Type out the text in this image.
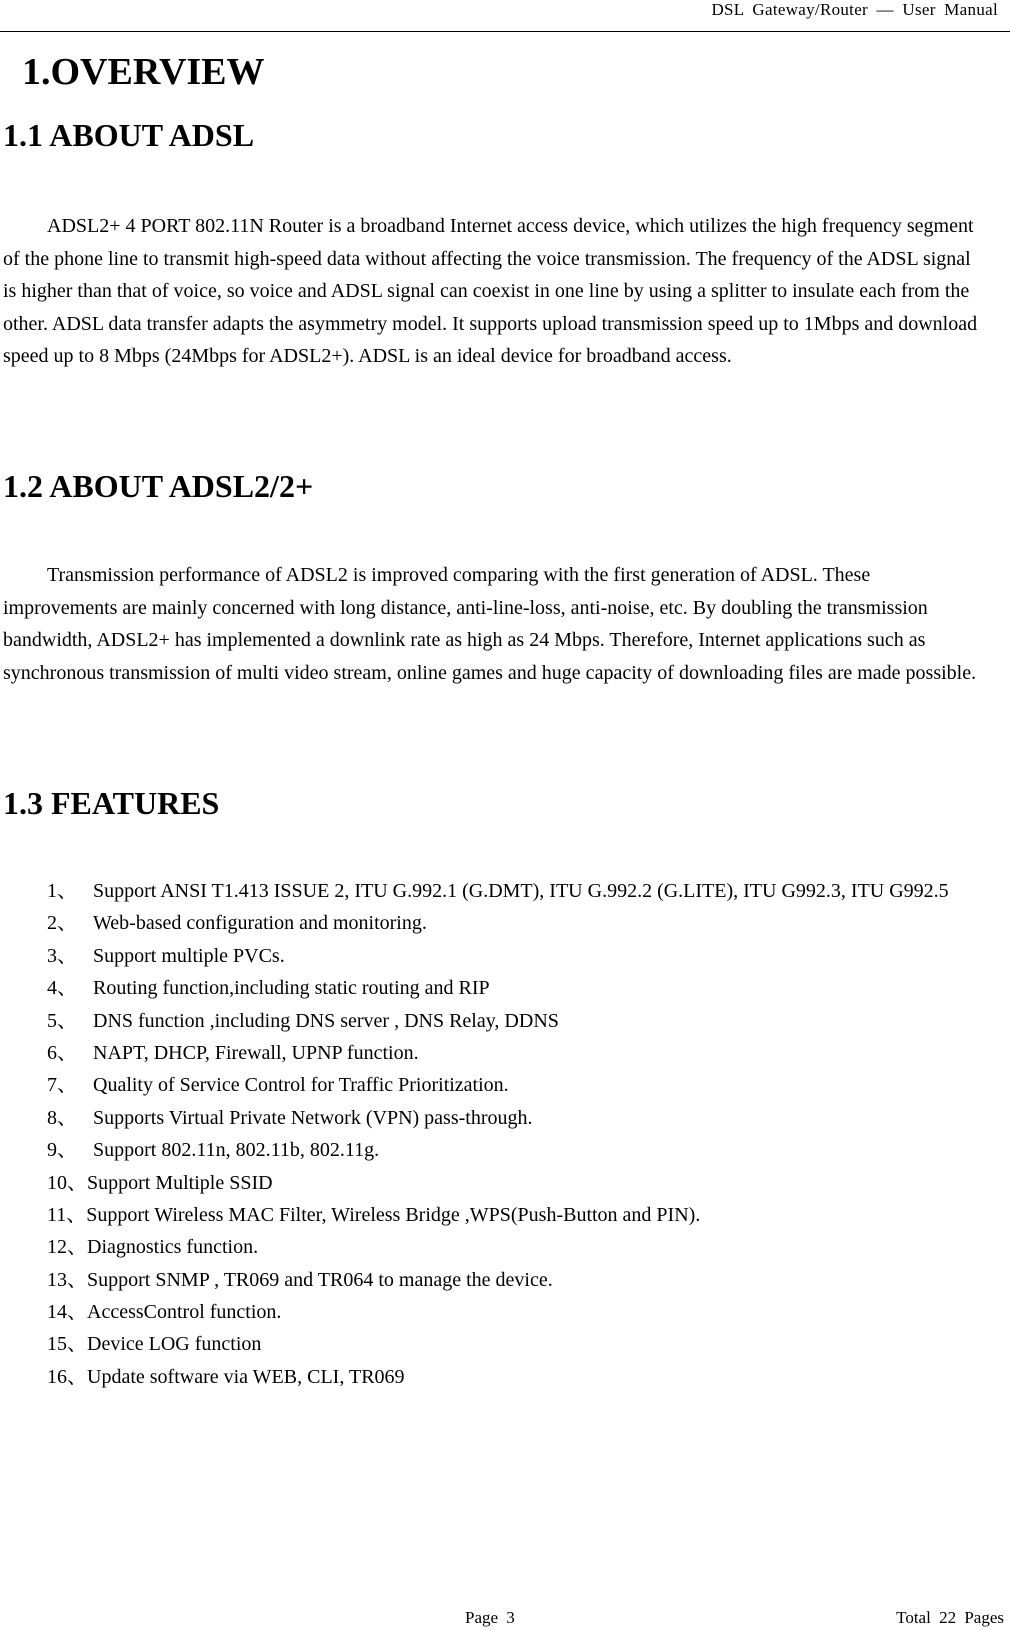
DSL Gateway/Router — User Manual
1.OVERVIEW
1.1 ABOUT ADSL

ADSL2+ 4 PORT 802.11N Router is a broadband Internet access device, which utilizes the high frequency segment of the phone line to transmit high-speed data without affecting the voice transmission. The frequency of the ADSL signal is higher than that of voice, so voice and ADSL signal can coexist in one line by using a splitter to insulate each from the other. ADSL data transfer adapts the asymmetry model. It supports upload transmission speed up to 1Mbps and download speed up to 8 Mbps (24Mbps for ADSL2+). ADSL is an ideal device for broadband access.

1.2 ABOUT ADSL2/2+

Transmission performance of ADSL2 is improved comparing with the first generation of ADSL. These improvements are mainly concerned with long distance, anti-line-loss, anti-noise, etc. By doubling the transmission bandwidth, ADSL2+ has implemented a downlink rate as high as 24 Mbps. Therefore, Internet applications such as synchronous transmission of multi video stream, online games and huge capacity of downloading files are made possible.

1.3 FEATURES
1、 Support ANSI T1.413 ISSUE 2, ITU G.992.1 (G.DMT), ITU G.992.2 (G.LITE), ITU G992.3, ITU G992.5
2、 Web-based configuration and monitoring.
3、 Support multiple PVCs.
4、 Routing function,including static routing and RIP
5、 DNS function ,including DNS server , DNS Relay, DDNS
6、 NAPT, DHCP, Firewall, UPNP function.
7、 Quality of Service Control for Traffic Prioritization.
8、 Supports Virtual Private Network (VPN) pass-through.
9、 Support 802.11n, 802.11b, 802.11g.
10、 Support Multiple SSID
11、 Support Wireless MAC Filter, Wireless Bridge ,WPS(Push-Button and PIN).
12、 Diagnostics function.
13、 Support SNMP , TR069 and TR064 to manage the device.
14、 AccessControl function.
15、 Device LOG function
16、 Update software via WEB, CLI, TR069
Page 3	Total 22 Pages
